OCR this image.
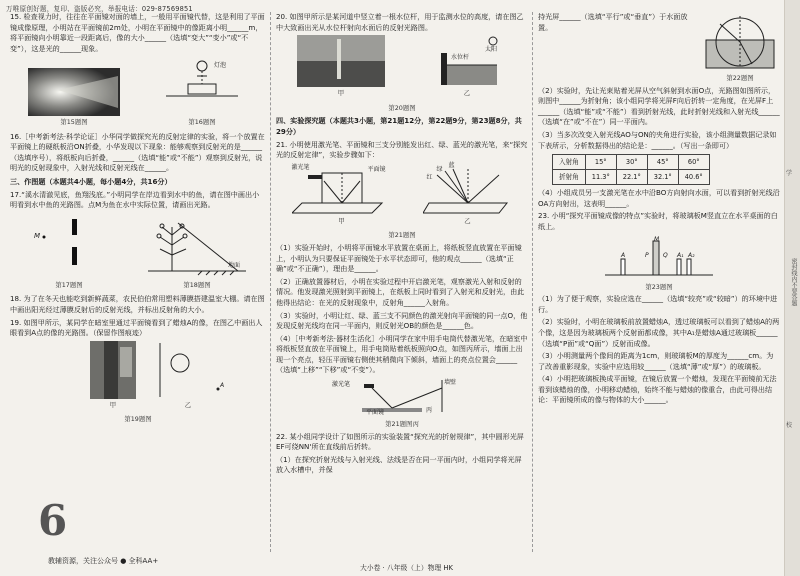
万唯原创好题，复印、盗版必究，举报电话：029-87569851

15. 检查视力时，往往在平面镜对面的墙上，一般用平面镜代替，这是利用了平面镜成像原理，小明站在平面镜前2m处，小明在平面镜中的像距离小明______m，将平面镜向小明靠近一段距离后，像的大小______（选填“变大”“变小”或“不变”），这是光的______现象。

第15题图
$^{灯泡}$
第16题图

16.［中考新考法·科学论证］小华同学做探究光的反射定律的实验，将一个放置在平面镜上的硬纸板沿ON折叠，小华发现以下现象：能够观察到反射光的是______（选填序号），将纸板向后折叠，______（选填“能”或“不能”）观察到反射光，说明光的反射现象中，入射光线和反射光线在______。

三、作图题（本题共4小题，每小题4分，共16分）

17.“溪水清澈见底，鱼翔浅底。”小明同学在岸边看到水中的鱼，请在图中画出小明看到水中鱼的光路图。点M为鱼在水中实际位置，请画出光路。

M
第17题图
地面
第18题图

18. 为了在冬天也能吃到新鲜蔬菜，农民伯伯常用塑料薄膜搭建温室大棚。请在图中画出阳光经过薄膜反射后的反射光线，并标出反射角的大小。

19. 如图甲所示，某同学在暗室里通过平面镜看到了蜡烛A的像，在图乙中画出人眼看到A点的像的光路图。（保留作图痕迹）

甲
A
乙
第19题图
6
教辅资源，关注公众号 ● 全科AA+

20. 如图甲所示是某河道中竖立着一根水位杆，用于监测水位的高度，请在图乙中大致画出光从水位杆射向水面后的反射光路图。

甲
太阳
水位杆
乙
第20题图

四、实验探究题（本题共3小题，第21题12分，第22题9分，第23题8分，共29分）

21. 小明使用激光笔、平面镜和三支分别能发出红、绿、蓝光的激光笔，来“探究光的反射定律”，实验步骤如下：

平面镜
激光笔
甲
红
绿
蓝
乙
第21题图

（1）实验开始时，小明将平面镜水平放置在桌面上，将纸板竖直放置在平面镜上，小明认为只要保证平面镜处于水平状态即可，他的观点______（选填“正确”或“不正确”），理由是______。

（2）正确放置器材后，小明在实验过程中开启激光笔，观察激光入射和反射的情况。他发现激光照射到平面镜上，在纸板上同时看到了入射光和反射光，由此他得出结论：在光的反射现象中，反射角______入射角。

（3）实验时，小明让红、绿、蓝三支不同颜色的激光射向平面镜的同一点O，他发现反射光线均在同一平面内，则反射光OB的颜色是______色。

（4）［中考新考法·器材生活化］小明同学在家中用手电筒代替激光笔，在暗室中将纸板竖直放在平面镜上，用手电筒贴着纸板照向O点，如图丙所示，墙面上出现一个亮点，轻压平面镜右侧使其稍微向下倾斜，墙面上的亮点位置会______（选填“上移”“下移”或“不变”）。

激光笔	墙壁
平面镜	丙
第21题图丙

22. 某小组同学设计了如图所示的实验装置“探究光的折射规律”，其中圆形光屏EF可绕NN'所在直线前后折转。

（1）在探究折射光线与入射光线、法线是否在同一平面内时，小组同学将光屏放入水槽中，并保

大小卷 · 八年级（上）物理 HK

持光屏______（选填“平行”或“垂直”）于水面放置。

第22题图

（2）实验时，先让光束贴着光屏从空气斜射到水面O点，光路图如图所示，则图中______为折射角；该小组同学将光屏F向后折转一定角度，在光屏F上______（选填“能”或“不能”）看到折射光线，此时折射光线和入射光线______（选填“在”或“不在”）同一平面内。

（3）当多次改变入射光线AO与ON的夹角进行实验，该小组测量数据记录如下表所示，分析数据得出的结论是：______。（写出一条即可）

入射角	15°	30°	45°	60°
折射角	11.3°	22.1°	32.1°	40.6°

（4）小组成员另一支激光笔在水中沿BO方向射向水面，可以看到折射光线沿OA方向射出，这表明______。

23. 小明“探究平面镜成像的特点”实验时，将玻璃板M竖直立在水平桌面的白纸上。

A	P Q A₁ A₂
M
第23题图

（1）为了便于观察，实验应选在______（选填“较亮”或“较暗”）的环境中进行。

（2）实验时，小明在玻璃板前放置蜡烛A，透过玻璃板可以看到了蜡烛A的两个像，这是因为玻璃板两个反射面都成像，其中A₁是蜡烛A通过玻璃板______（选填“P面”或“Q面”）反射而成像。

（3）小明测量两个像间的距离为1cm，则玻璃板M的厚度为______cm。为了改善重影现象，实验中应选用较______（选填“薄”或“厚”）的玻璃板。

（4）小明把玻璃板换成平面镜，在镜后放置一个蜡烛，发现在平面镜前无法看到该蜡烛的像，小明移动蜡烛，始终不能与蜡烛的像重合，由此可得出结论：平面镜所成的像与物体的大小______。

学
密封线内不要答题
校
